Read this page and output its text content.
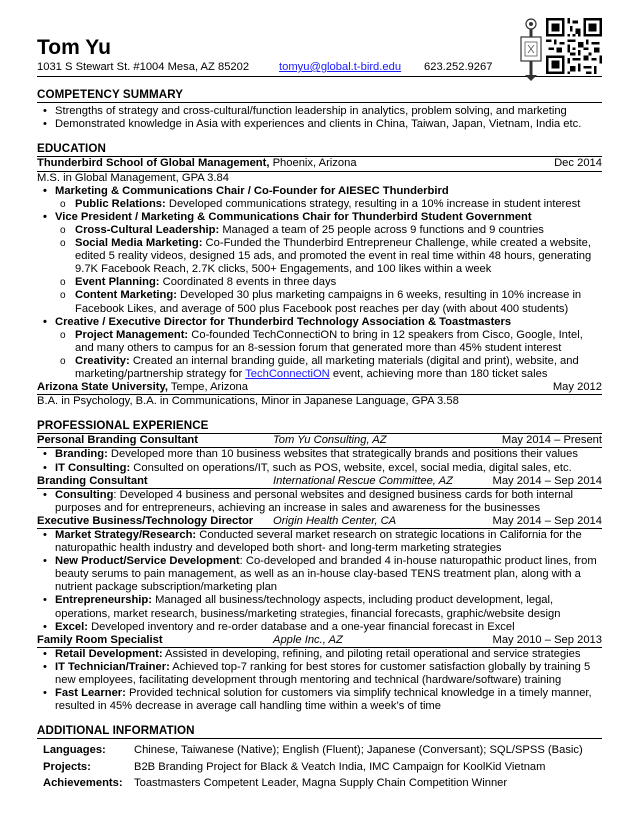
Tom Yu
1031 S Stewart St. #1004 Mesa, AZ 85202	tomyu@global.t-bird.edu	623.252.9267
COMPETENCY SUMMARY
• Strengths of strategy and cross-cultural/function leadership in analytics, problem solving, and marketing
• Demonstrated knowledge in Asia with experiences and clients in China, Taiwan, Japan, Vietnam, India etc.
EDUCATION
Thunderbird School of Global Management, Phoenix, Arizona	Dec 2014
M.S. in Global Management, GPA 3.84
• Marketing & Communications Chair / Co-Founder for AIESEC Thunderbird
o Public Relations: Developed communications strategy, resulting in a 10% increase in student interest
• Vice President / Marketing & Communications Chair for Thunderbird Student Government
o Cross-Cultural Leadership: Managed a team of 25 people across 9 functions and 9 countries
o Social Media Marketing: Co-Funded the Thunderbird Entrepreneur Challenge, while created a website, edited 5 reality videos, designed 15 ads, and promoted the event in real time within 48 hours, generating 9.7K Facebook Reach, 2.7K clicks, 500+ Engagements, and 100 likes within a week
o Event Planning: Coordinated 8 events in three days
o Content Marketing: Developed 30 plus marketing campaigns in 6 weeks, resulting in 10% increase in Facebook Likes, and average of 500 plus Facebook post reaches per day (with about 400 students)
• Creative / Executive Director for Thunderbird Technology Association & Toastmasters
o Project Management: Co-founded TechConnectiON to bring in 12 speakers from Cisco, Google, Intel, and many others to campus for an 8-session forum that generated more than 45% student interest
o Creativity: Created an internal branding guide, all marketing materials (digital and print), website, and marketing/partnership strategy for TechConnectiON event, achieving more than 180 ticket sales
Arizona State University, Tempe, Arizona	May 2012
B.A. in Psychology, B.A. in Communications, Minor in Japanese Language, GPA 3.58
PROFESSIONAL EXPERIENCE
Personal Branding Consultant	Tom Yu Consulting, AZ	May 2014 – Present
• Branding: Developed more than 10 business websites that strategically brands and positions their values
• IT Consulting: Consulted on operations/IT, such as POS, website, excel, social media, digital sales, etc.
Branding Consultant	International Rescue Committee, AZ	May 2014 – Sep 2014
• Consulting: Developed 4 business and personal websites and designed business cards for both internal purposes and for entrepreneurs, achieving an increase in sales and awareness for the businesses
Executive Business/Technology Director	Origin Health Center, CA	May 2014 – Sep 2014
• Market Strategy/Research: Conducted several market research on strategic locations in California for the naturopathic health industry and developed both short- and long-term marketing strategies
• New Product/Service Development: Co-developed and branded 4 in-house naturopathic product lines, from beauty serums to pain management, as well as an in-house clay-based TENS treatment plan, along with a nutrient package subscription/marketing plan
• Entrepreneurship: Managed all business/technology aspects, including product development, legal, operations, market research, business/marketing strategies, financial forecasts, graphic/website design
• Excel: Developed inventory and re-order database and a one-year financial forecast in Excel
Family Room Specialist	Apple Inc., AZ	May 2010 – Sep 2013
• Retail Development: Assisted in developing, refining, and piloting retail operational and service strategies
• IT Technician/Trainer: Achieved top-7 ranking for best stores for customer satisfaction globally by training 5 new employees, facilitating development through mentoring and technical (hardware/software) training
• Fast Learner: Provided technical solution for customers via simplify technical knowledge in a timely manner, resulted in 45% decrease in average call handling time within a week’s of time
ADDITIONAL INFORMATION
Languages:	Chinese, Taiwanese (Native); English (Fluent); Japanese (Conversant); SQL/SPSS (Basic)
Projects:	B2B Branding Project for Black & Veatch India, IMC Campaign for KoolKid Vietnam
Achievements:	Toastmasters Competent Leader, Magna Supply Chain Competition Winner
